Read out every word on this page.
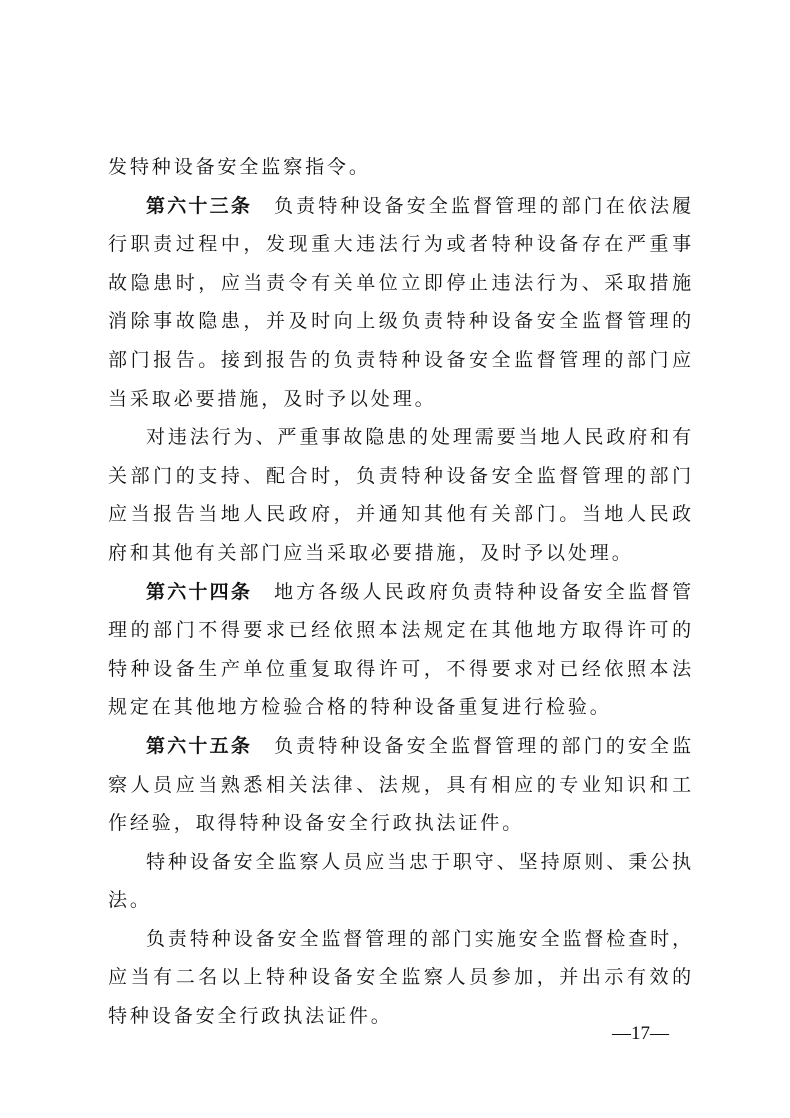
发特种设备安全监察指令。

第六十三条 负责特种设备安全监督管理的部门在依法履行职责过程中，发现重大违法行为或者特种设备存在严重事故隐患时，应当责令有关单位立即停止违法行为、采取措施消除事故隐患，并及时向上级负责特种设备安全监督管理的部门报告。接到报告的负责特种设备安全监督管理的部门应当采取必要措施，及时予以处理。

对违法行为、严重事故隐患的处理需要当地人民政府和有关部门的支持、配合时，负责特种设备安全监督管理的部门应当报告当地人民政府，并通知其他有关部门。当地人民政府和其他有关部门应当采取必要措施，及时予以处理。

第六十四条 地方各级人民政府负责特种设备安全监督管理的部门不得要求已经依照本法规定在其他地方取得许可的特种设备生产单位重复取得许可，不得要求对已经依照本法规定在其他地方检验合格的特种设备重复进行检验。

第六十五条 负责特种设备安全监督管理的部门的安全监察人员应当熟悉相关法律、法规，具有相应的专业知识和工作经验，取得特种设备安全行政执法证件。

特种设备安全监察人员应当忠于职守、坚持原则、秉公执法。

负责特种设备安全监督管理的部门实施安全监督检查时，应当有二名以上特种设备安全监察人员参加，并出示有效的特种设备安全行政执法证件。

—17—
